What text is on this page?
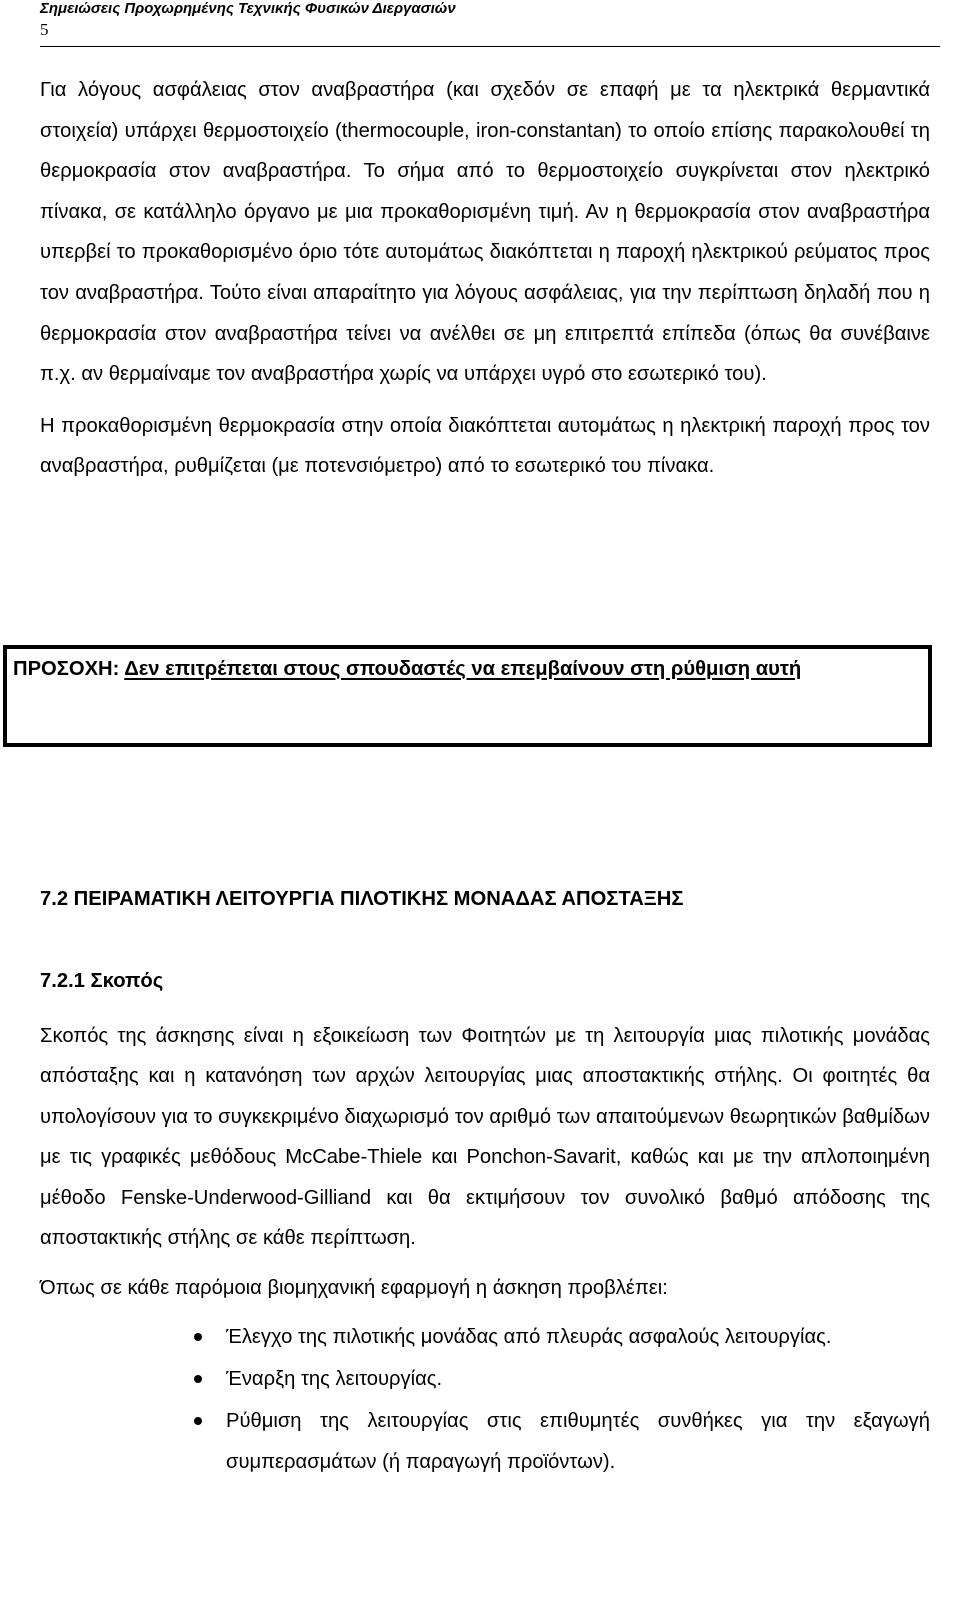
Σημειώσεις Προχωρημένης Τεχνικής Φυσικών Διεργασιών
5

Για λόγους ασφάλειας στον αναβραστήρα (και σχεδόν σε επαφή με τα ηλεκτρικά θερμαντικά στοιχεία) υπάρχει θερμοστοιχείο (thermocouple, iron-constantan) το οποίο επίσης παρακολουθεί τη θερμοκρασία στον αναβραστήρα. Το σήμα από το θερμοστοιχείο συγκρίνεται στον ηλεκτρικό πίνακα, σε κατάλληλο όργανο με μια προκαθορισμένη τιμή. Αν η θερμοκρασία στον αναβραστήρα υπερβεί το προκαθορισμένο όριο τότε αυτομάτως διακόπτεται η παροχή ηλεκτρικού ρεύματος προς τον αναβραστήρα. Τούτο είναι απαραίτητο για λόγους ασφάλειας, για την περίπτωση δηλαδή που η θερμοκρασία στον αναβραστήρα τείνει να ανέλθει σε μη επιτρεπτά επίπεδα (όπως θα συνέβαινε π.χ. αν θερμαίναμε τον αναβραστήρα χωρίς να υπάρχει υγρό στο εσωτερικό του).

Η προκαθορισμένη θερμοκρασία στην οποία διακόπτεται αυτομάτως η ηλεκτρική παροχή προς τον αναβραστήρα, ρυθμίζεται (με ποτενσιόμετρο) από το εσωτερικό του πίνακα.

ΠΡΟΣΟΧΗ: Δεν επιτρέπεται στους σπουδαστές να επεμβαίνουν στη ρύθμιση αυτή

7.2 ΠΕΙΡΑΜΑΤΙΚΗ ΛΕΙΤΟΥΡΓΙΑ ΠΙΛΟΤΙΚΗΣ ΜΟΝΑΔΑΣ ΑΠΟΣΤΑΞΗΣ
7.2.1 Σκοπός

Σκοπός της άσκησης είναι η εξοικείωση των Φοιτητών με τη λειτουργία μιας πιλοτικής μονάδας απόσταξης και η κατανόηση των αρχών λειτουργίας μιας αποστακτικής στήλης. Οι φοιτητές θα υπολογίσουν για το συγκεκριμένο διαχωρισμό τον αριθμό των απαιτούμενων θεωρητικών βαθμίδων με τις γραφικές μεθόδους McCabe-Thiele και Ponchon-Savarit, καθώς και με την απλοποιημένη μέθοδο Fenske-Underwood-Gilliand και θα εκτιμήσουν τον συνολικό βαθμό απόδοσης της αποστακτικής στήλης σε κάθε περίπτωση.

Όπως σε κάθε παρόμοια βιομηχανική εφαρμογή η άσκηση προβλέπει:

Έλεγχο της πιλοτικής μονάδας από πλευράς ασφαλούς λειτουργίας.
Έναρξη της λειτουργίας.
Ρύθμιση της λειτουργίας στις επιθυμητές συνθήκες για την εξαγωγή συμπερασμάτων (ή παραγωγή προϊόντων).
